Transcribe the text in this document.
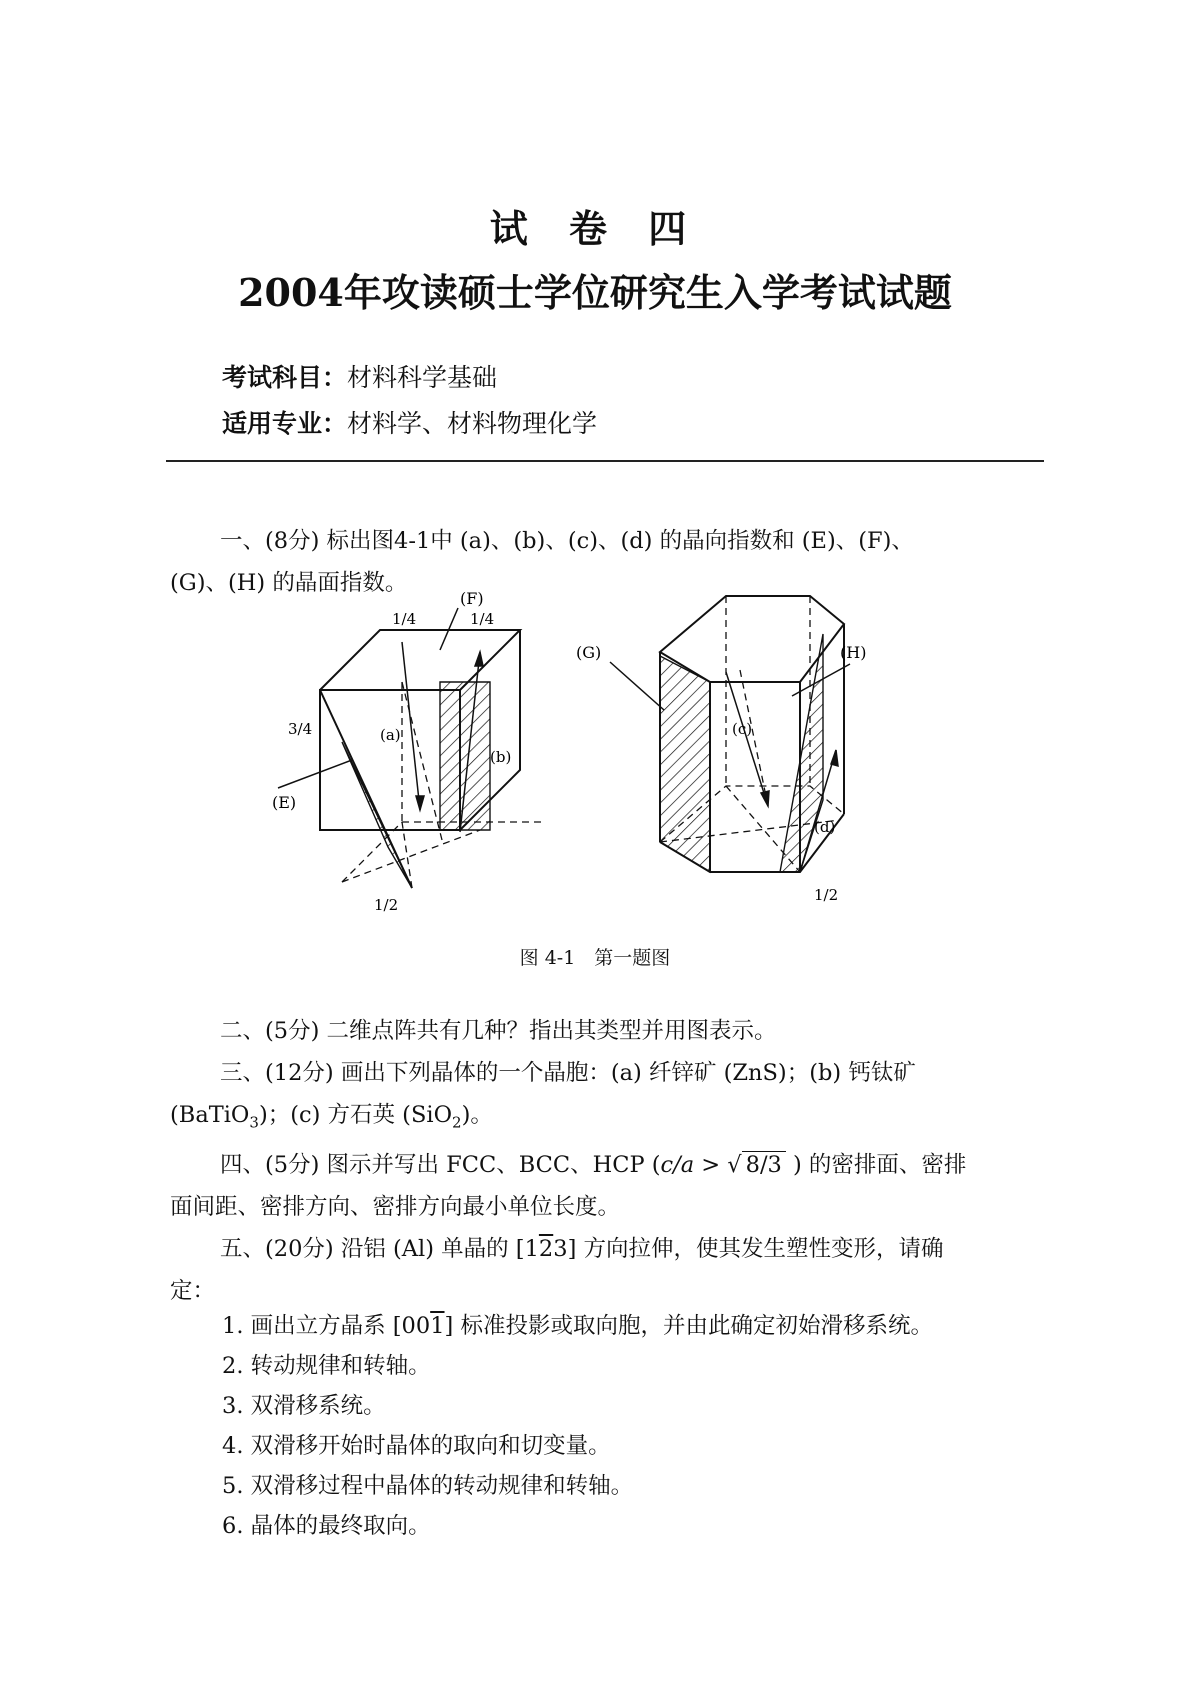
试 卷 四
2004年攻读硕士学位研究生入学考试试题
考试科目：材料科学基础
适用专业：材料学、材料物理化学
一、(8分) 标出图4-1中 (a)、(b)、(c)、(d) 的晶向指数和 (E)、(F)、
(G)、(H) 的晶面指数。
(F)
1/4	1/4
3/4	(a)
(b)
(E)
1/2
(G)	(H)
(c)
(d)
1/2
图 4-1　第一题图
二、(5分) 二维点阵共有几种？指出其类型并用图表示。
三、(12分) 画出下列晶体的一个晶胞：(a) 纤锌矿 (ZnS)；(b) 钙钛矿
(BaTiO$_3$)；(c) 方石英 (SiO$_2$)。
四、(5分) 图示并写出 FCC、BCC、HCP (c/a > √ 8/3 ) 的密排面、密排
面间距、密排方向、密排方向最小单位长度。
五、(20分) 沿铝 (Al) 单晶的 [123] 方向拉伸，使其发生塑性变形，请确
定：
1. 画出立方晶系 [001] 标准投影或取向胞，并由此确定初始滑移系统。
2. 转动规律和转轴。
3. 双滑移系统。
4. 双滑移开始时晶体的取向和切变量。
5. 双滑移过程中晶体的转动规律和转轴。
6. 晶体的最终取向。
